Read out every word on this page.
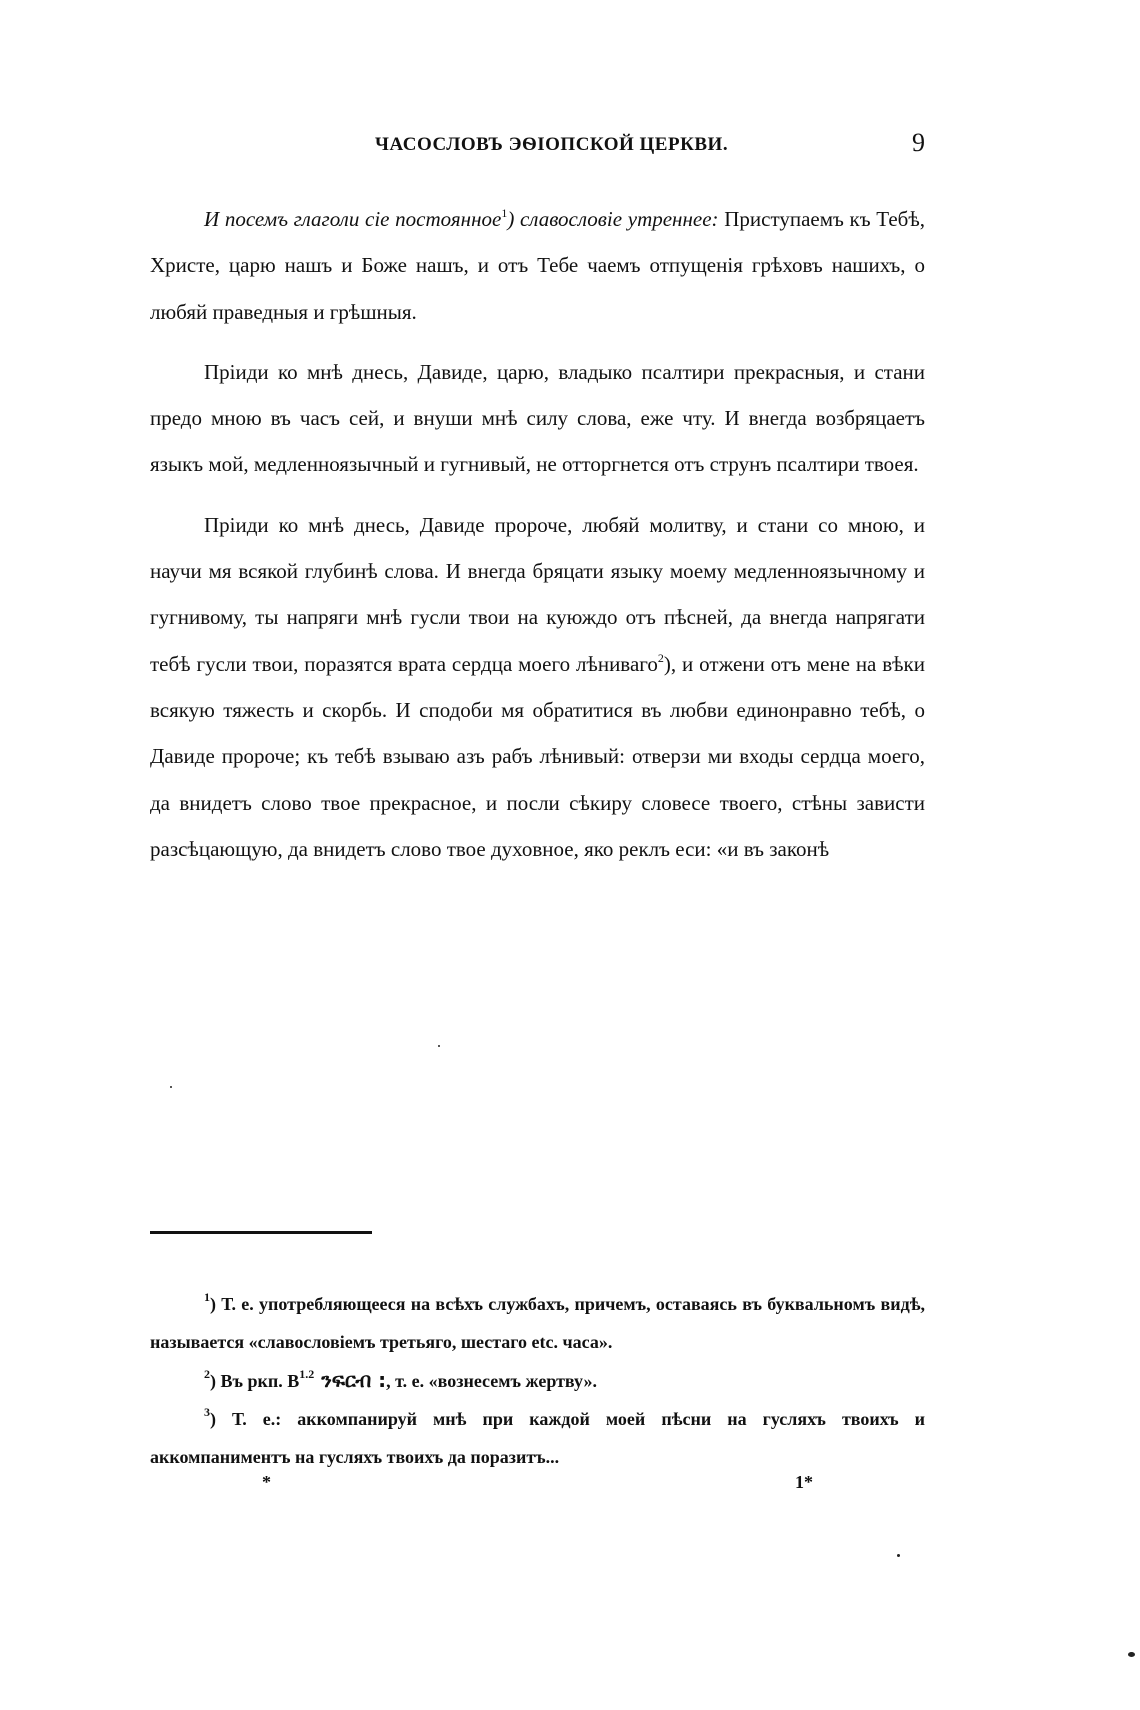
ЧАСОСЛОВЪ ЭѲІОПСКОЙ ЦЕРКВИ.	9

И посемъ глаголи сіе постоянное$^1$) славословіе утреннее: Приступаемъ къ Тебѣ, Христе, царю нашъ и Боже нашъ, и отъ Тебе чаемъ отпущенія грѣховъ нашихъ, о любяй праведныя и грѣшныя.

Пріиди ко мнѣ днесь, Давиде, царю, владыко псалтири прекрасныя, и стани предо мною въ часъ сей, и внуши мнѣ силу слова, еже чту. И внегда возбряцаетъ языкъ мой, медленноязычный и гугнивый, не отторгнется отъ струнъ псалтири твоея.

Пріиди ко мнѣ днесь, Давиде пророче, любяй молитву, и стани со мною, и научи мя всякой глубинѣ слова. И внегда бряцати языку моему медленноязычному и гугнивому, ты напряги мнѣ гусли твои на куюждо отъ пѣсней, да внегда напрягати тебѣ гусли твои, поразятся врата сердца моего лѣниваго$^2$), и отжени отъ мене на вѣки всякую тяжесть и скорбь. И сподоби мя обратитися въ любви единонравно тебѣ, о Давиде пророче; къ тебѣ взываю азъ рабъ лѣнивый: отверзи ми входы сердца моего, да внидетъ слово твое прекрасное, и посли сѣкиру словесе твоего, стѣны зависти разсѣцающую, да внидетъ слово твое духовное, яко реклъ еси: «и въ законѣ

$^1$) Т. е. употребляющееся на всѣхъ службахъ, причемъ, оставаясь въ буквальномъ видѣ, называется «славословіемъ третьяго, шестаго etc. часа».

$^2$) Въ ркп. $B^{1.2}$ ንፍርብ :, т. е. «вознесемъ жертву».

$^3$) Т. е.: аккомпанируй мнѣ при каждой моей пѣсни на гусляхъ твоихъ и аккомпаниментъ на гусляхъ твоихъ да поразитъ...

*	1*
